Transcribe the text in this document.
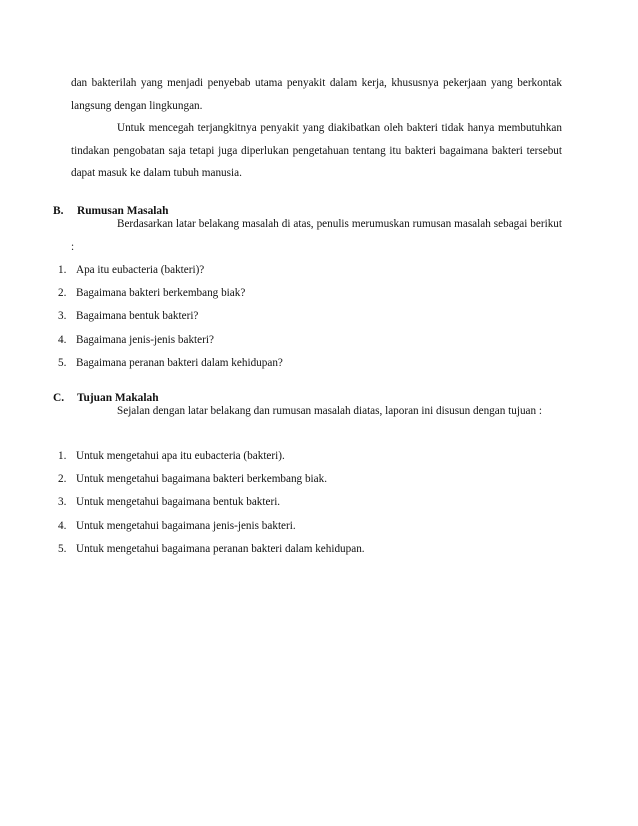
dan bakterilah yang menjadi penyebab utama penyakit dalam kerja, khususnya pekerjaan yang berkontak langsung dengan lingkungan.

Untuk mencegah terjangkitnya penyakit yang diakibatkan oleh bakteri tidak hanya membutuhkan tindakan pengobatan saja tetapi juga diperlukan pengetahuan tentang itu bakteri bagaimana bakteri tersebut dapat masuk ke dalam tubuh manusia.

B. Rumusan Masalah

Berdasarkan latar belakang masalah di atas, penulis merumuskan rumusan masalah sebagai berikut :

1. Apa itu eubacteria (bakteri)?
2. Bagaimana bakteri berkembang biak?
3. Bagaimana bentuk bakteri?
4. Bagaimana jenis-jenis bakteri?
5. Bagaimana peranan bakteri dalam kehidupan?
C. Tujuan Makalah

Sejalan dengan latar belakang dan rumusan masalah diatas, laporan ini disusun dengan tujuan :

1. Untuk mengetahui apa itu eubacteria (bakteri).
2. Untuk mengetahui bagaimana bakteri berkembang biak.
3. Untuk mengetahui bagaimana bentuk bakteri.
4. Untuk mengetahui bagaimana jenis-jenis bakteri.
5. Untuk mengetahui bagaimana peranan bakteri dalam kehidupan.
